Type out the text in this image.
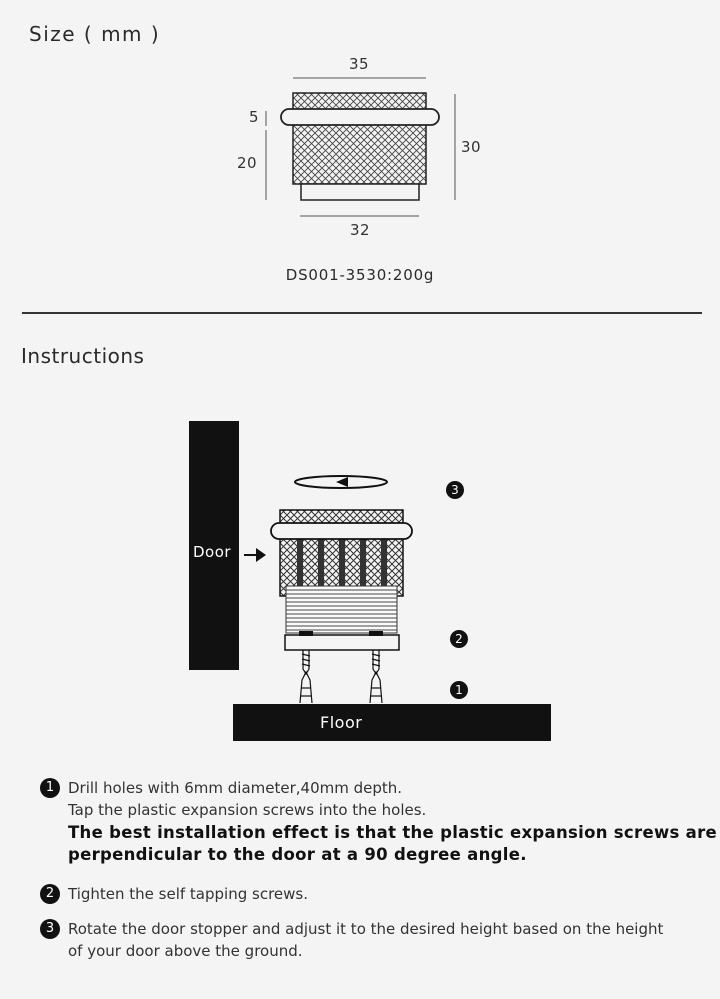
Size ( mm )
35
30
5
20
32
DS001-3530:200g
Instructions
Door
Floor
3
2
1
1 Drill holes with 6mm diameter,40mm depth.
Tap the plastic expansion screws into the holes.
The best installation effect is that the plastic expansion screws are
perpendicular to the door at a 90 degree angle.
2 Tighten the self tapping screws.
3 Rotate the door stopper and adjust it to the desired height based on the height
of your door above the ground.
